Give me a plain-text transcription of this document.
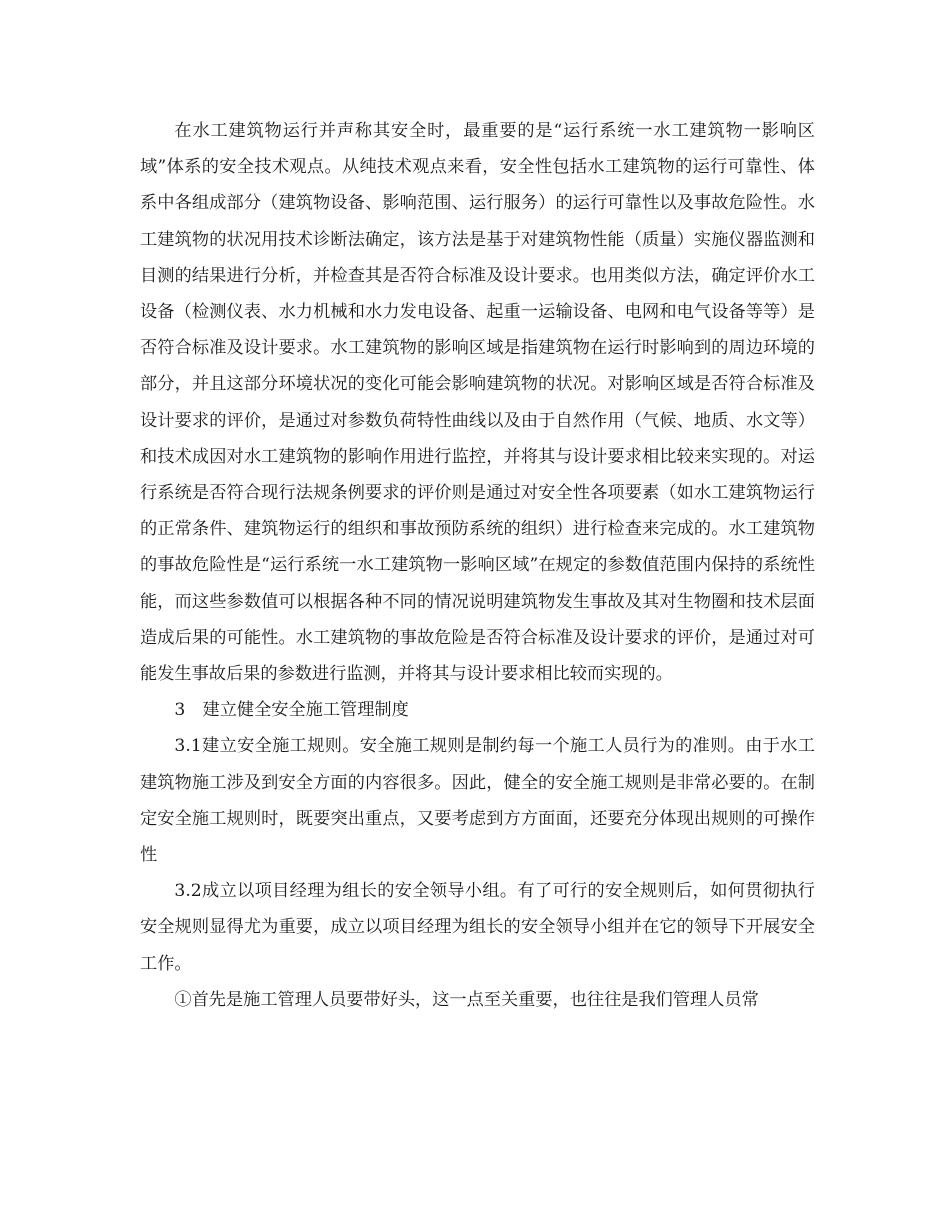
在水工建筑物运行并声称其安全时，最重要的是“运行系统一水工建筑物一影响区域”体系的安全技术观点。从纯技术观点来看，安全性包括水工建筑物的运行可靠性、体系中各组成部分（建筑物设备、影响范围、运行服务）的运行可靠性以及事故危险性。水工建筑物的状况用技术诊断法确定，该方法是基于对建筑物性能（质量）实施仪器监测和目测的结果进行分析，并检查其是否符合标准及设计要求。也用类似方法，确定评价水工设备（检测仪表、水力机械和水力发电设备、起重一运输设备、电网和电气设备等等）是否符合标准及设计要求。水工建筑物的影响区域是指建筑物在运行时影响到的周边环境的部分，并且这部分环境状况的变化可能会影响建筑物的状况。对影响区域是否符合标准及设计要求的评价，是通过对参数负荷特性曲线以及由于自然作用（气候、地质、水文等）和技术成因对水工建筑物的影响作用进行监控，并将其与设计要求相比较来实现的。对运行系统是否符合现行法规条例要求的评价则是通过对安全性各项要素（如水工建筑物运行的正常条件、建筑物运行的组织和事故预防系统的组织）进行检查来完成的。水工建筑物的事故危险性是“运行系统一水工建筑物一影响区域”在规定的参数值范围内保持的系统性能，而这些参数值可以根据各种不同的情况说明建筑物发生事故及其对生物圈和技术层面造成后果的可能性。水工建筑物的事故危险是否符合标准及设计要求的评价，是通过对可能发生事故后果的参数进行监测，并将其与设计要求相比较而实现的。

3　建立健全安全施工管理制度

3.1建立安全施工规则。安全施工规则是制约每一个施工人员行为的准则。由于水工建筑物施工涉及到安全方面的内容很多。因此，健全的安全施工规则是非常必要的。在制定安全施工规则时，既要突出重点，又要考虑到方方面面，还要充分体现出规则的可操作性

3.2成立以项目经理为组长的安全领导小组。有了可行的安全规则后，如何贯彻执行安全规则显得尤为重要，成立以项目经理为组长的安全领导小组并在它的领导下开展安全工作。

①首先是施工管理人员要带好头，这一点至关重要，也往往是我们管理人员常
